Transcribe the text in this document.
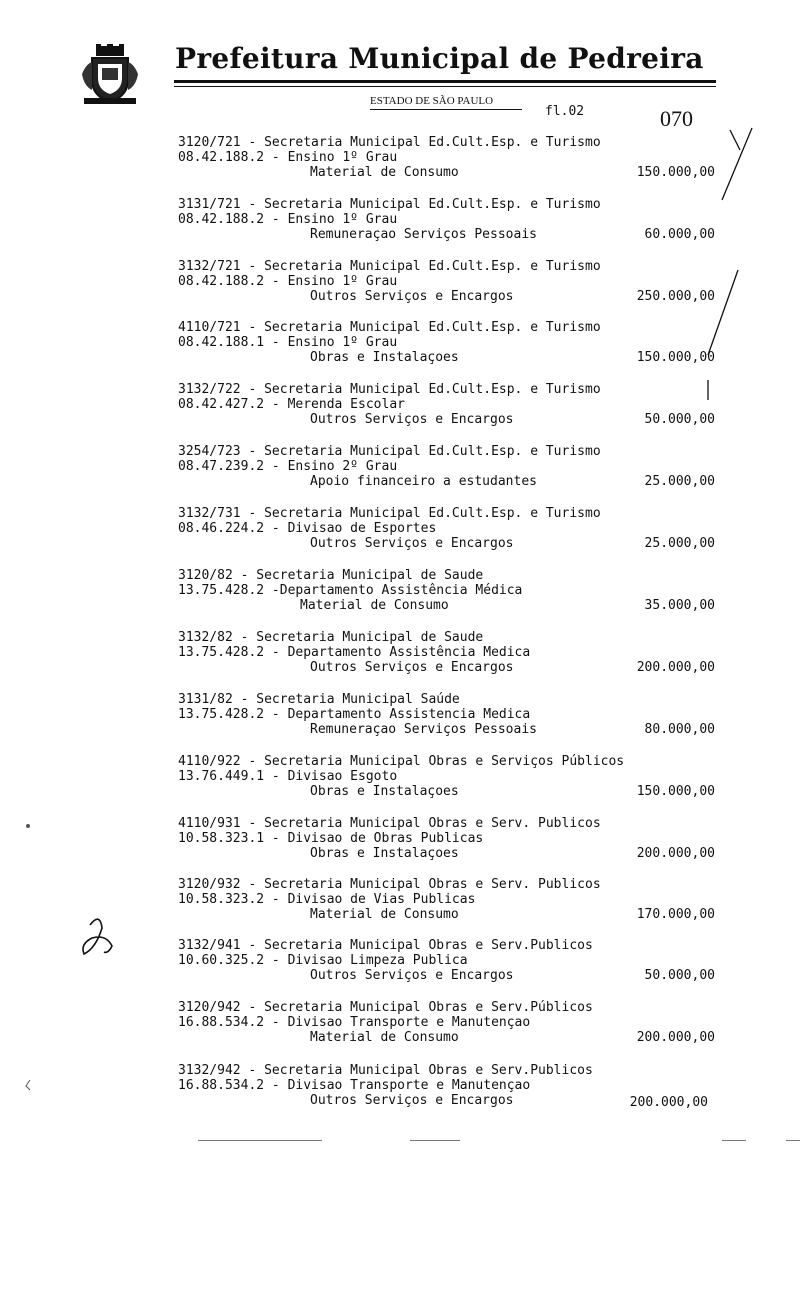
Prefeitura Municipal de Pedreira
ESTADO DE SÃO PAULO
fl.02	070
3120/721 - Secretaria Municipal Ed.Cult.Esp. e Turismo
08.42.188.2 - Ensino 1º Grau
Material de Consumo	150.000,00
3131/721 - Secretaria Municipal Ed.Cult.Esp. e Turismo
08.42.188.2 - Ensino 1º Grau
Remuneraçao Serviços Pessoais	60.000,00
3132/721 - Secretaria Municipal Ed.Cult.Esp. e Turismo
08.42.188.2 - Ensino 1º Grau
Outros Serviços e Encargos	250.000,00
4110/721 - Secretaria Municipal Ed.Cult.Esp. e Turismo
08.42.188.1 - Ensino 1º Grau
Obras e Instalaçoes	150.000,00
3132/722 - Secretaria Municipal Ed.Cult.Esp. e Turismo
08.42.427.2 - Merenda Escolar
Outros Serviços e Encargos	50.000,00
3254/723 - Secretaria Municipal Ed.Cult.Esp. e Turismo
08.47.239.2 - Ensino 2º Grau
Apoio financeiro a estudantes	25.000,00
3132/731 - Secretaria Municipal Ed.Cult.Esp. e Turismo
08.46.224.2 - Divisao de Esportes
Outros Serviços e Encargos	25.000,00
3120/82 - Secretaria Municipal de Saude
13.75.428.2 -Departamento Assistência Médica
Material de Consumo	35.000,00
3132/82 - Secretaria Municipal de Saude
13.75.428.2 - Departamento Assistência Medica
Outros Serviços e Encargos	200.000,00
3131/82 - Secretaria Municipal Saúde
13.75.428.2 - Departamento Assistencia Medica
Remuneraçao Serviços Pessoais	80.000,00
4110/922 - Secretaria Municipal Obras e Serviços Públicos
13.76.449.1 - Divisao Esgoto
Obras e Instalaçoes	150.000,00
4110/931 - Secretaria Municipal Obras e Serv. Publicos
10.58.323.1 - Divisao de Obras Publicas
Obras e Instalaçoes	200.000,00
3120/932 - Secretaria Municipal Obras e Serv. Publicos
10.58.323.2 - Divisao de Vias Publicas
Material de Consumo	170.000,00
3132/941 - Secretaria Municipal Obras e Serv.Publicos
10.60.325.2 - Divisao Limpeza Publica
Outros Serviços e Encargos	50.000,00
3120/942 - Secretaria Municipal Obras e Serv.Públicos
16.88.534.2 - Divisao Transporte e Manutençao
Material de Consumo	200.000,00
3132/942 - Secretaria Municipal Obras e Serv.Publicos
16.88.534.2 - Divisao Transporte e Manutençao
Outros Serviços e Encargos	200.000,00
